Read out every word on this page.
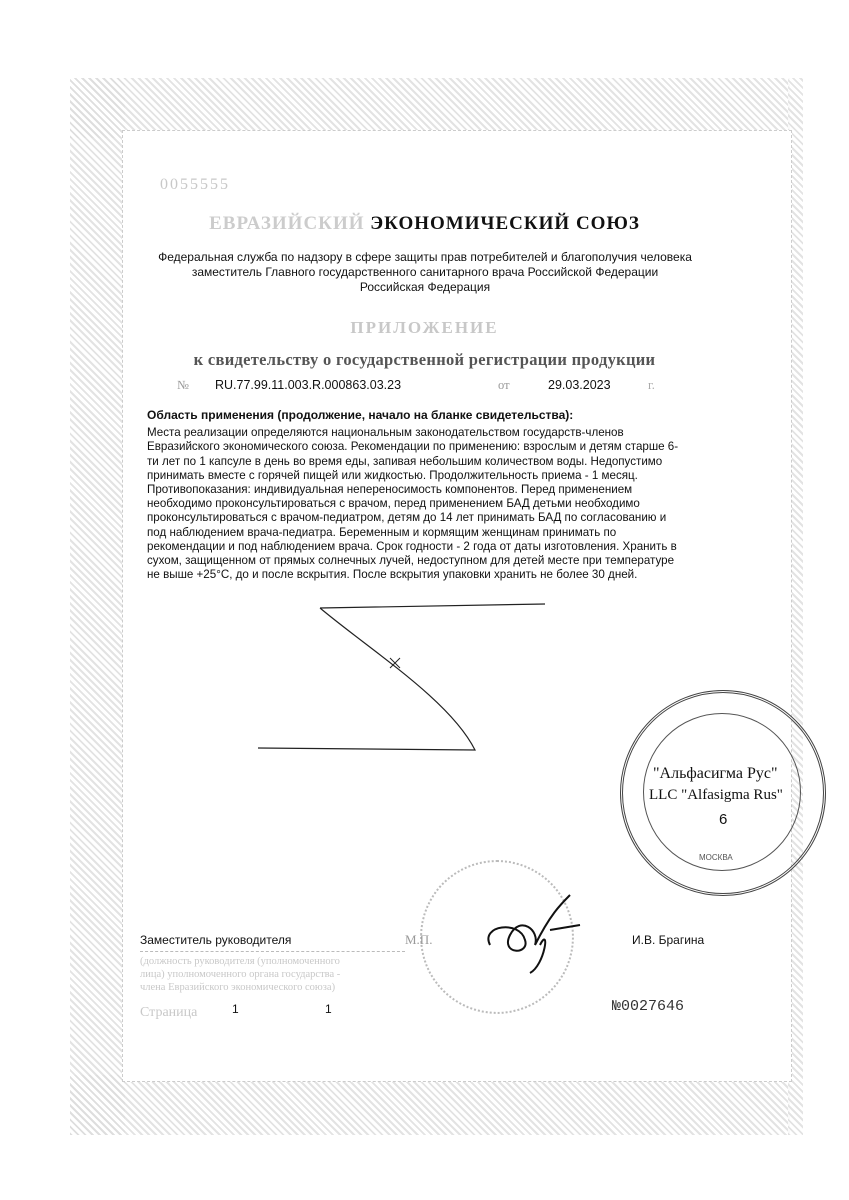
0055555
ЕВРАЗИЙСКИЙ ЭКОНОМИЧЕСКИЙ СОЮЗ
Федеральная служба по надзору в сфере защиты прав потребителей и благополучия человека
заместитель Главного государственного санитарного врача Российской Федерации
Российская Федерация
ПРИЛОЖЕНИЕ
к свидетельству о государственной регистрации продукции
№ RU.77.99.11.003.R.000863.03.23	от	29.03.2023	г.
Область применения (продолжение, начало на бланке свидетельства):
Места реализации определяются национальным законодательством государств-членов
Евразийского экономического союза. Рекомендации по применению: взрослым и детям старше 6-
ти лет по 1 капсуле в день во время еды, запивая небольшим количеством воды. Недопустимо
принимать вместе с горячей пищей или жидкостью. Продолжительность приема - 1 месяц.
Противопоказания: индивидуальная непереносимость компонентов. Перед применением
необходимо проконсультироваться с врачом, перед применением БАД детьми необходимо
проконсультироваться с врачом-педиатром, детям до 14 лет принимать БАД по согласованию и
под наблюдением врача-педиатра. Беременным и кормящим женщинам принимать по
рекомендации и под наблюдением врача. Срок годности - 2 года от даты изготовления. Хранить в
сухом, защищенном от прямых солнечных лучей, недоступном для детей месте при температуре
не выше +25°С, до и после вскрытия. После вскрытия упаковки хранить не более 30 дней.
"Альфасигма Рус"
LLC "Alfasigma Rus"
6
МОСКВА
Заместитель руководителя	М.П.	И.В. Брагина
(должность руководителя (уполномоченного
лица) уполномоченного органа государства -
члена Евразийского экономического союза)
Страница	1	1	№0027646
